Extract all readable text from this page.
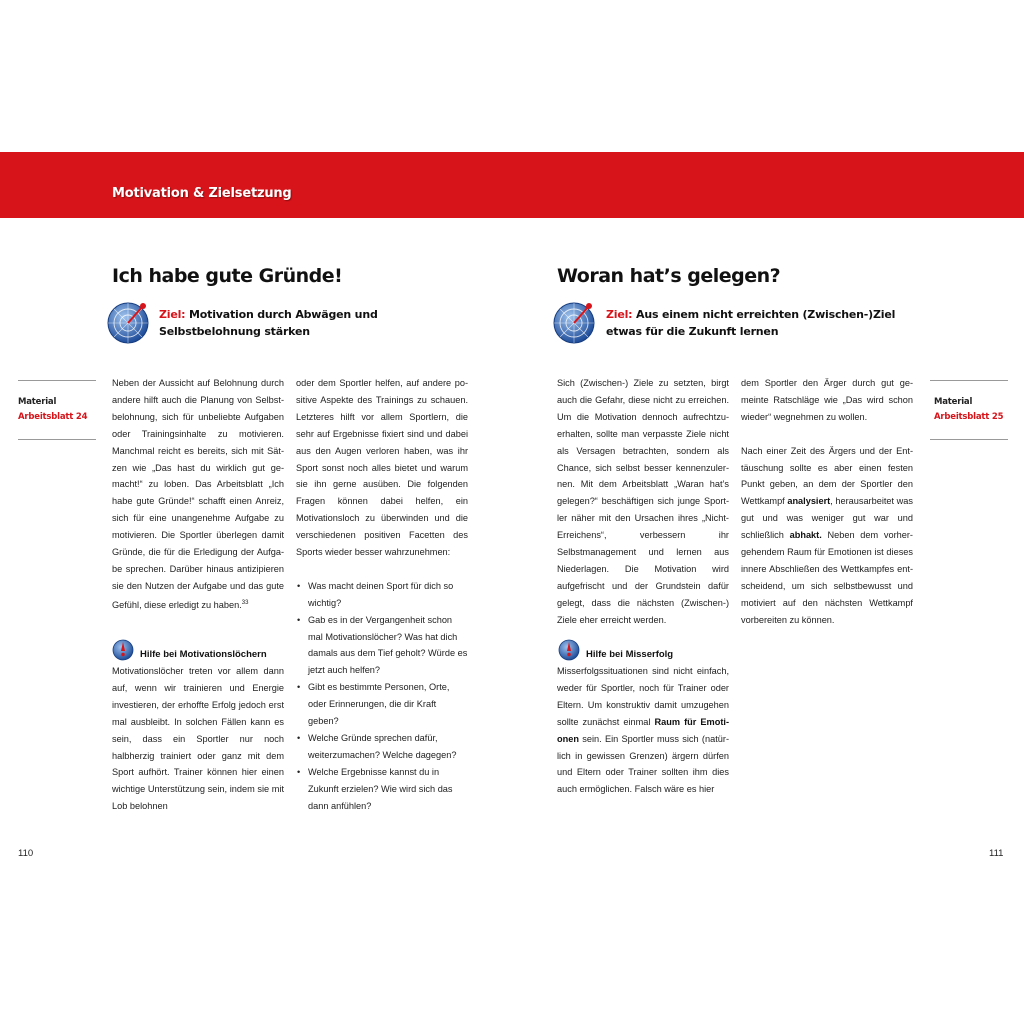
Motivation & Zielsetzung
Ich habe gute Gründe!
Ziel: Motivation durch Abwägen und
Selbstbelohnung stärken
Material
Arbeitsblatt 24

Neben der Aussicht auf Belohnung durch andere hilft auch die Planung von Selbstbelohnung, sich für unbeliebte Aufgaben oder Trainingsinhalte zu motivieren. Manchmal reicht es bereits, sich mit Sätzen wie „Das hast du wirklich gut gemacht!“ zu loben. Das Arbeitsblatt „Ich habe gute Gründe!“ schafft einen Anreiz, sich für eine unangenehme Aufgabe zu motivieren. Die Sportler überlegen damit Gründe, die für die Erledigung der Aufgabe sprechen. Darüber hinaus antizipieren sie den Nutzen der Aufgabe und das gute Gefühl, diese erledigt zu haben.$^{33}$

Hilfe bei Motivationslöchern

Motivationslöcher treten vor allem dann auf, wenn wir trainieren und Energie investieren, der erhoffte Erfolg jedoch erst mal ausbleibt. In solchen Fällen kann es sein, dass ein Sportler nur noch halbherzig trainiert oder ganz mit dem Sport aufhört. Trainer können hier einen wichtige Unterstützung sein, indem sie mit Lob belohnen

oder dem Sportler helfen, auf andere positive Aspekte des Trainings zu schauen. Letzteres hilft vor allem Sportlern, die sehr auf Ergebnisse fixiert sind und dabei aus den Augen verloren haben, was ihr Sport sonst noch alles bietet und warum sie ihn gerne ausüben. Die folgenden Fragen können dabei helfen, ein Motivationsloch zu überwinden und die verschiedenen positiven Facetten des Sports wieder besser wahrzunehmen:

• Was macht deinen Sport für dich so wichtig?
• Gab es in der Vergangenheit schon mal Motivationslöcher? Was hat dich damals aus dem Tief geholt? Würde es jetzt auch helfen?
• Gibt es bestimmte Personen, Orte, oder Erinnerungen, die dir Kraft geben?
• Welche Gründe sprechen dafür, weiterzumachen? Welche dagegen?
• Welche Ergebnisse kannst du in Zukunft erzielen? Wie wird sich das dann anfühlen?
110
Woran hat’s gelegen?
Ziel: Aus einem nicht erreichten (Zwischen-)Ziel
etwas für die Zukunft lernen
Material
Arbeitsblatt 25

Sich (Zwischen-) Ziele zu setzten, birgt auch die Gefahr, diese nicht zu erreichen. Um die Motivation dennoch aufrechtzuerhalten, sollte man verpasste Ziele nicht als Versagen betrachten, sondern als Chance, sich selbst besser kennenzulernen. Mit dem Arbeitsblatt „Waran hat’s gelegen?“ beschäftigen sich junge Sportler näher mit den Ursachen ihres „Nicht-Erreichens“, verbessern ihr Selbstmanagement und lernen aus Niederlagen. Die Motivation wird aufgefrischt und der Grundstein dafür gelegt, dass die nächsten (Zwischen-) Ziele eher erreicht werden.

Hilfe bei Misserfolg

Misserfolgssituationen sind nicht einfach, weder für Sportler, noch für Trainer oder Eltern. Um konstruktiv damit umzugehen sollte zunächst einmal Raum für Emotionen sein. Ein Sportler muss sich (natürlich in gewissen Grenzen) ärgern dürfen und Eltern oder Trainer sollten ihm dies auch ermöglichen. Falsch wäre es hier

dem Sportler den Ärger durch gut gemeinte Ratschläge wie „Das wird schon wieder“ wegnehmen zu wollen.

Nach einer Zeit des Ärgers und der Enttäuschung sollte es aber einen festen Punkt geben, an dem der Sportler den Wettkampf analysiert, herausarbeitet was gut und was weniger gut war und schließlich abhakt. Neben dem vorhergehendem Raum für Emotionen ist dieses innere Abschließen des Wettkampfes entscheidend, um sich selbstbewusst und motiviert auf den nächsten Wettkampf vorbereiten zu können.

111
